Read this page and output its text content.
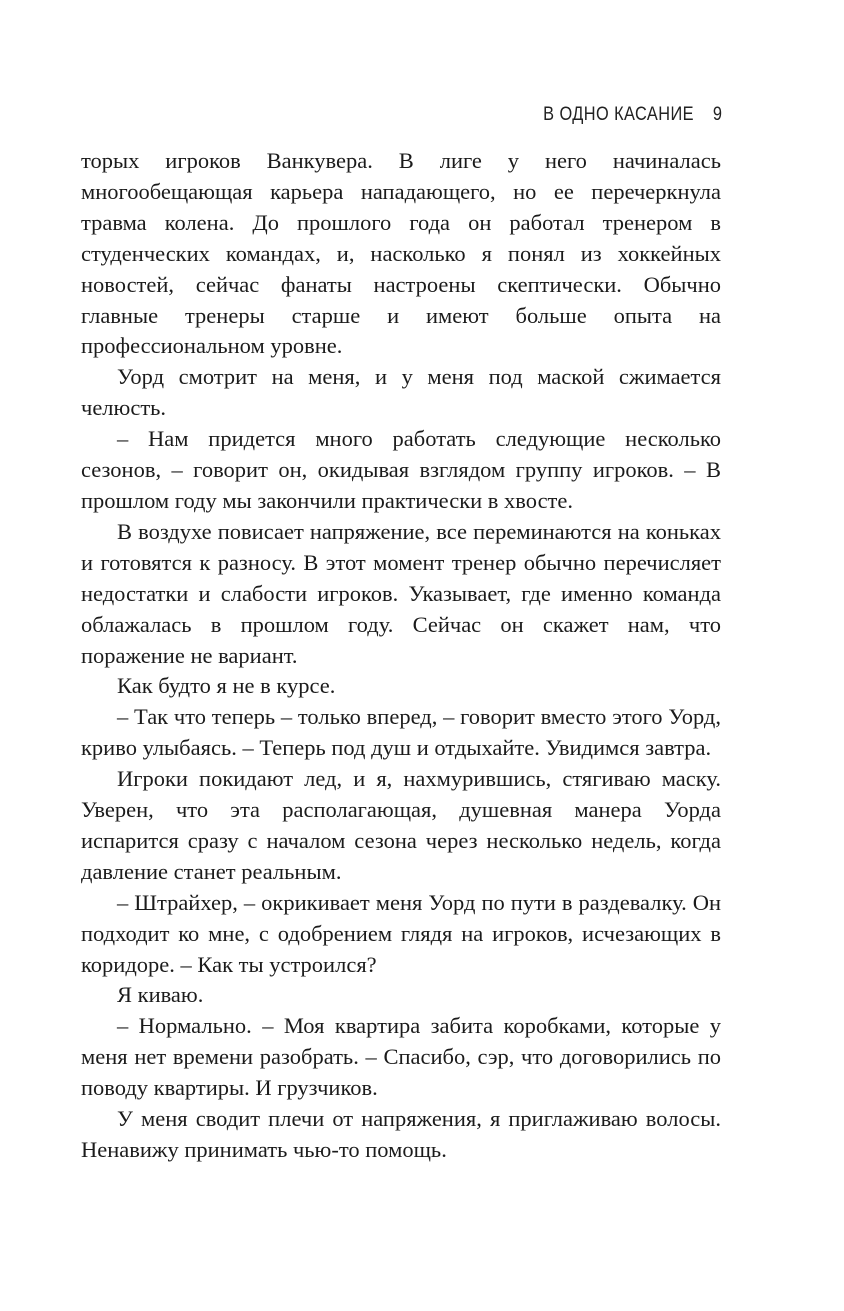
В ОДНО КАСАНИЕ 9

торых игроков Ванкувера. В лиге у него начиналась многообещающая карьера нападающего, но ее перечеркнула травма колена. До прошлого года он работал тренером в студенческих командах, и, насколько я понял из хоккейных новостей, сейчас фанаты настроены скептически. Обычно главные тренеры старше и имеют больше опыта на профессиональном уровне.

Уорд смотрит на меня, и у меня под маской сжимается челюсть.

– Нам придется много работать следующие несколько сезонов, – говорит он, окидывая взглядом группу игроков. – В прошлом году мы закончили практически в хвосте.

В воздухе повисает напряжение, все переминаются на коньках и готовятся к разносу. В этот момент тренер обычно перечисляет недостатки и слабости игроков. Указывает, где именно команда облажалась в прошлом году. Сейчас он скажет нам, что поражение не вариант.

Как будто я не в курсе.

– Так что теперь – только вперед, – говорит вместо этого Уорд, криво улыбаясь. – Теперь под душ и отдыхайте. Увидимся завтра.

Игроки покидают лед, и я, нахмурившись, стягиваю маску. Уверен, что эта располагающая, душевная манера Уорда испарится сразу с началом сезона через несколько недель, когда давление станет реальным.

– Штрайхер, – окрикивает меня Уорд по пути в раздевалку. Он подходит ко мне, с одобрением глядя на игроков, исчезающих в коридоре. – Как ты устроился?

Я киваю.

– Нормально. – Моя квартира забита коробками, которые у меня нет времени разобрать. – Спасибо, сэр, что договорились по поводу квартиры. И грузчиков.

У меня сводит плечи от напряжения, я приглаживаю волосы. Ненавижу принимать чью-то помощь.
